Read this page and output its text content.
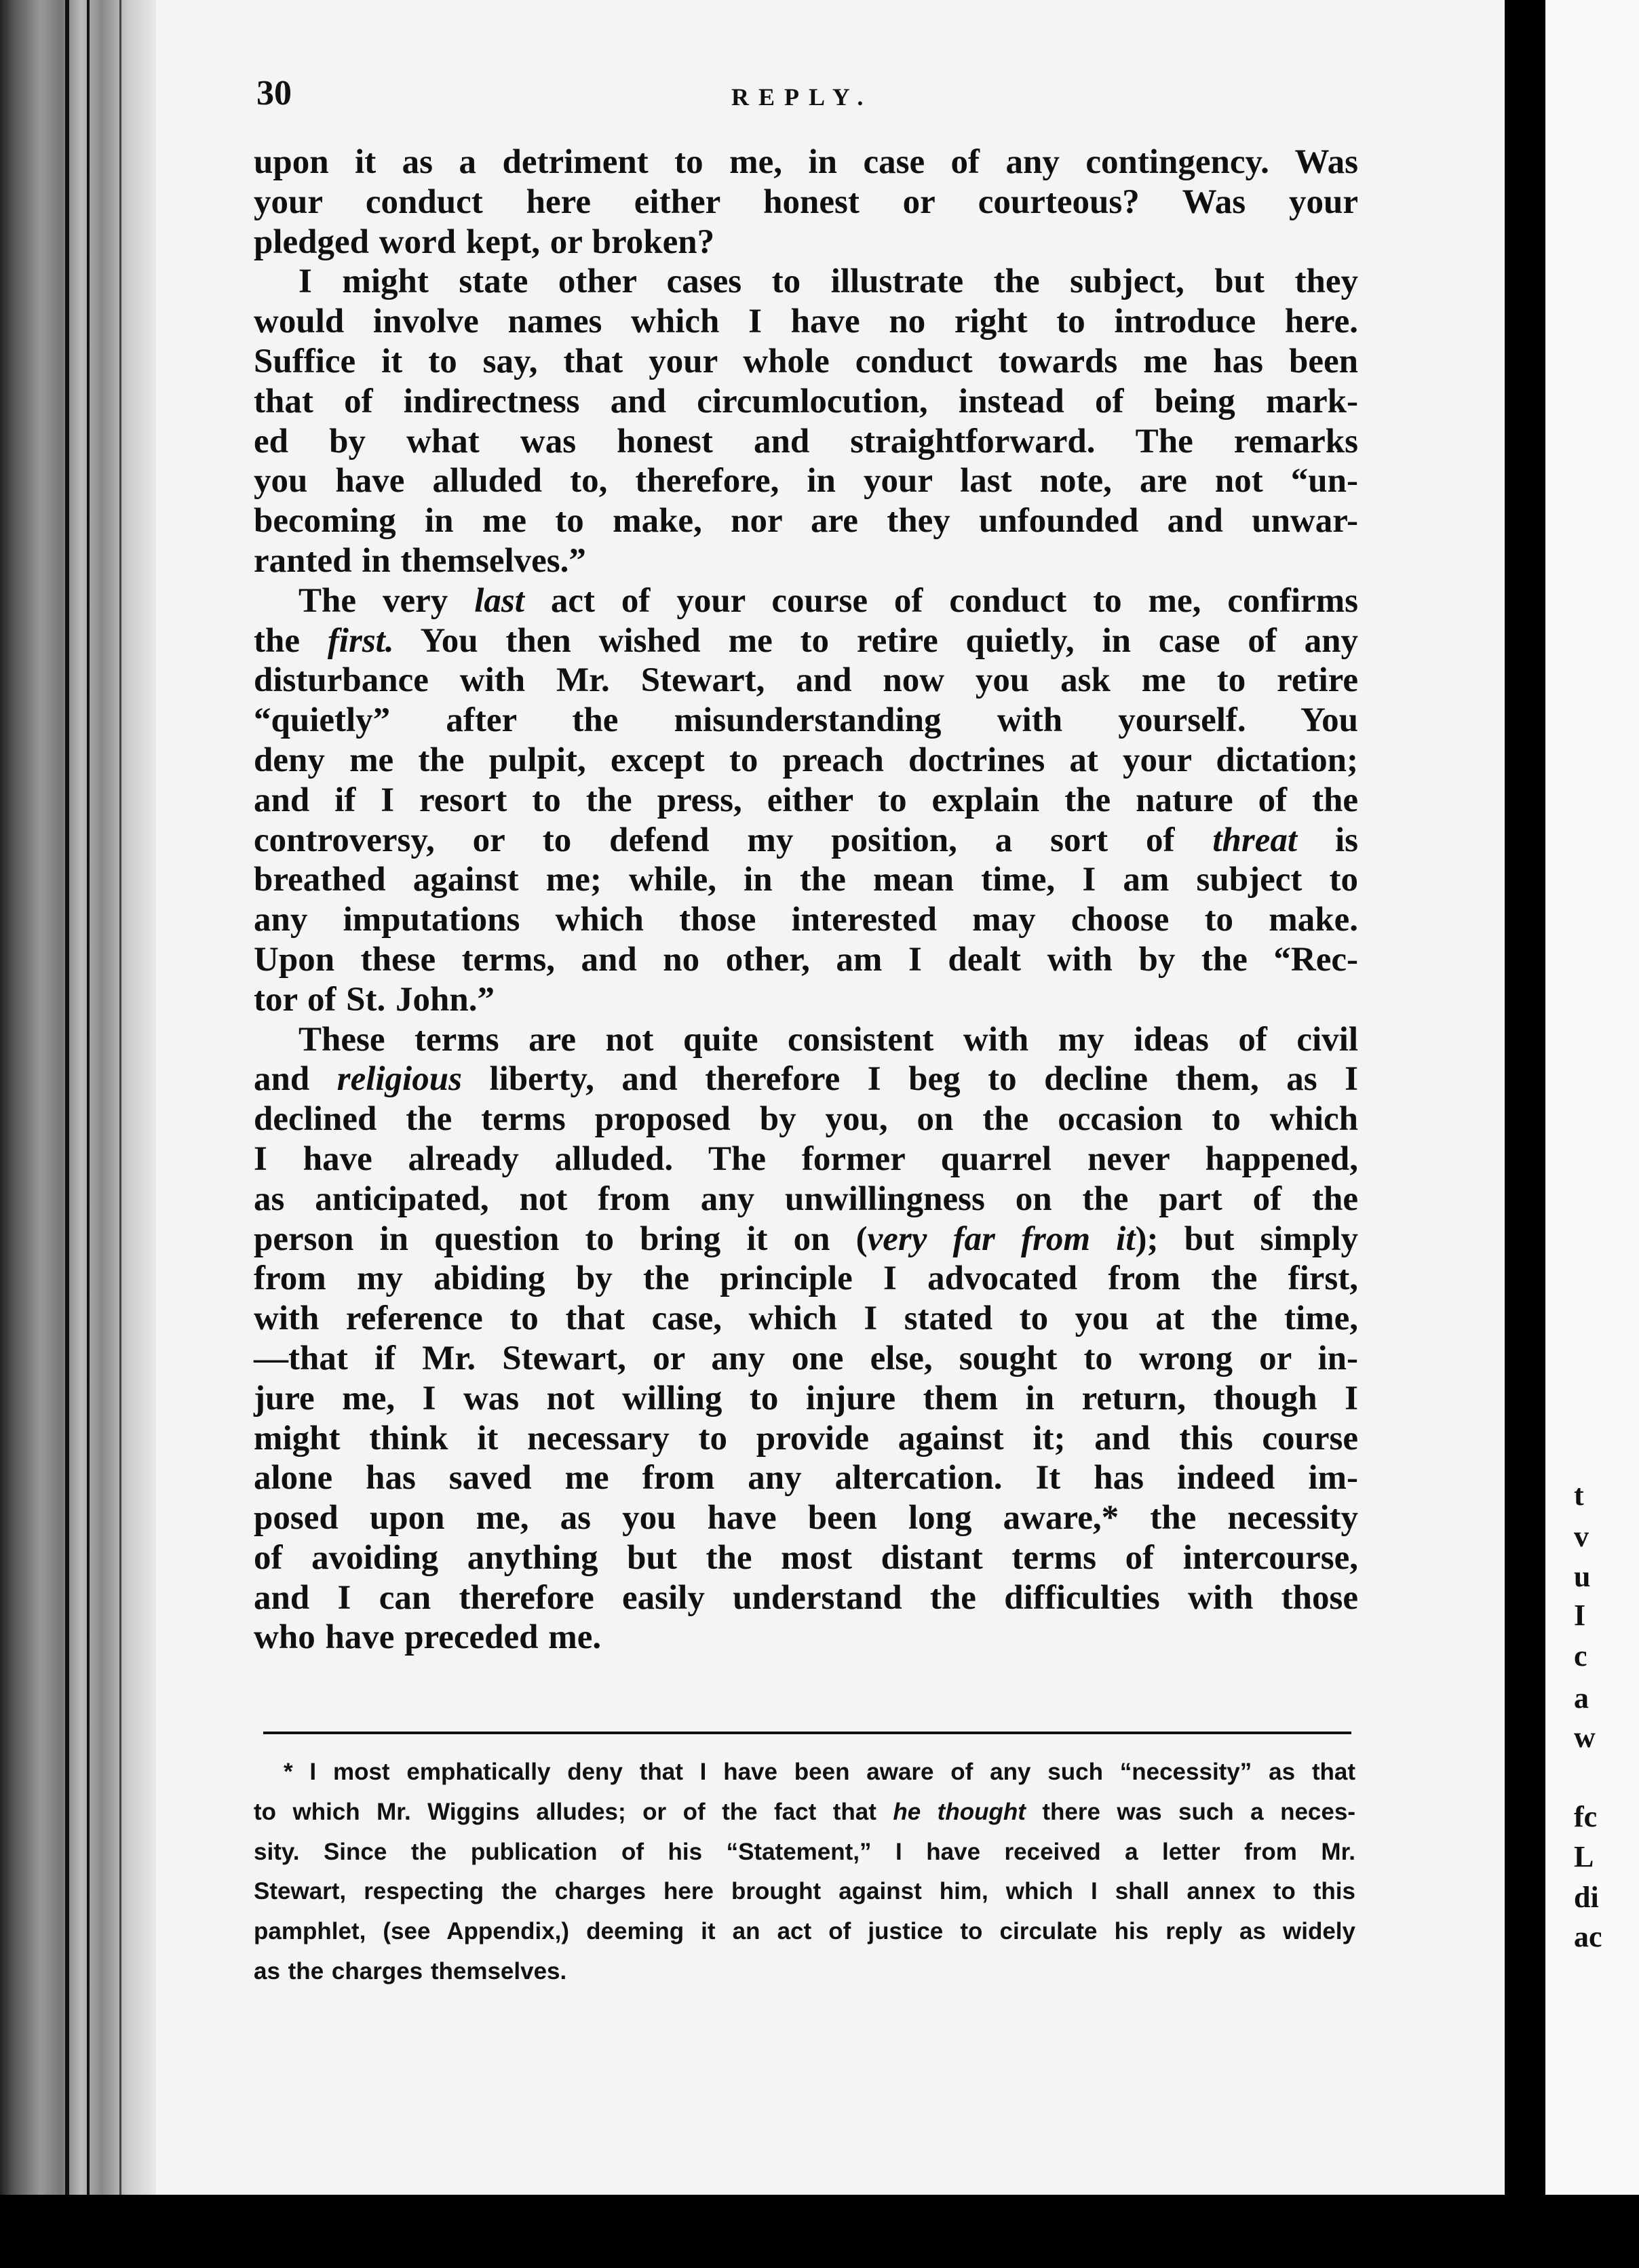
t
v
u
I
c
a
w
fc
L
di
ac
30	REPLY.
upon it as a detriment to me, in case of any contingency. Was
your conduct here either honest or courteous? Was your
pledged word kept, or broken?
I might state other cases to illustrate the subject, but they
would involve names which I have no right to introduce here.
Suffice it to say, that your whole conduct towards me has been
that of indirectness and circumlocution, instead of being mark-
ed by what was honest and straightforward. The remarks
you have alluded to, therefore, in your last note, are not “un-
becoming in me to make, nor are they unfounded and unwar-
ranted in themselves.”
The very last act of your course of conduct to me, confirms
the first. You then wished me to retire quietly, in case of any
disturbance with Mr. Stewart, and now you ask me to retire
“quietly” after the misunderstanding with yourself. You
deny me the pulpit, except to preach doctrines at your dictation;
and if I resort to the press, either to explain the nature of the
controversy, or to defend my position, a sort of threat is
breathed against me; while, in the mean time, I am subject to
any imputations which those interested may choose to make.
Upon these terms, and no other, am I dealt with by the “Rec-
tor of St. John.”
These terms are not quite consistent with my ideas of civil
and religious liberty, and therefore I beg to decline them, as I
declined the terms proposed by you, on the occasion to which
I have already alluded. The former quarrel never happened,
as anticipated, not from any unwillingness on the part of the
person in question to bring it on (very far from it); but simply
from my abiding by the principle I advocated from the first,
with reference to that case, which I stated to you at the time,
—that if Mr. Stewart, or any one else, sought to wrong or in-
jure me, I was not willing to injure them in return, though I
might think it necessary to provide against it; and this course
alone has saved me from any altercation. It has indeed im-
posed upon me, as you have been long aware,* the necessity
of avoiding anything but the most distant terms of intercourse,
and I can therefore easily understand the difficulties with those
who have preceded me.
* I most emphatically deny that I have been aware of any such “necessity” as that
to which Mr. Wiggins alludes; or of the fact that he thought there was such a neces-
sity. Since the publication of his “Statement,” I have received a letter from Mr.
Stewart, respecting the charges here brought against him, which I shall annex to this
pamphlet, (see Appendix,) deeming it an act of justice to circulate his reply as widely
as the charges themselves.
